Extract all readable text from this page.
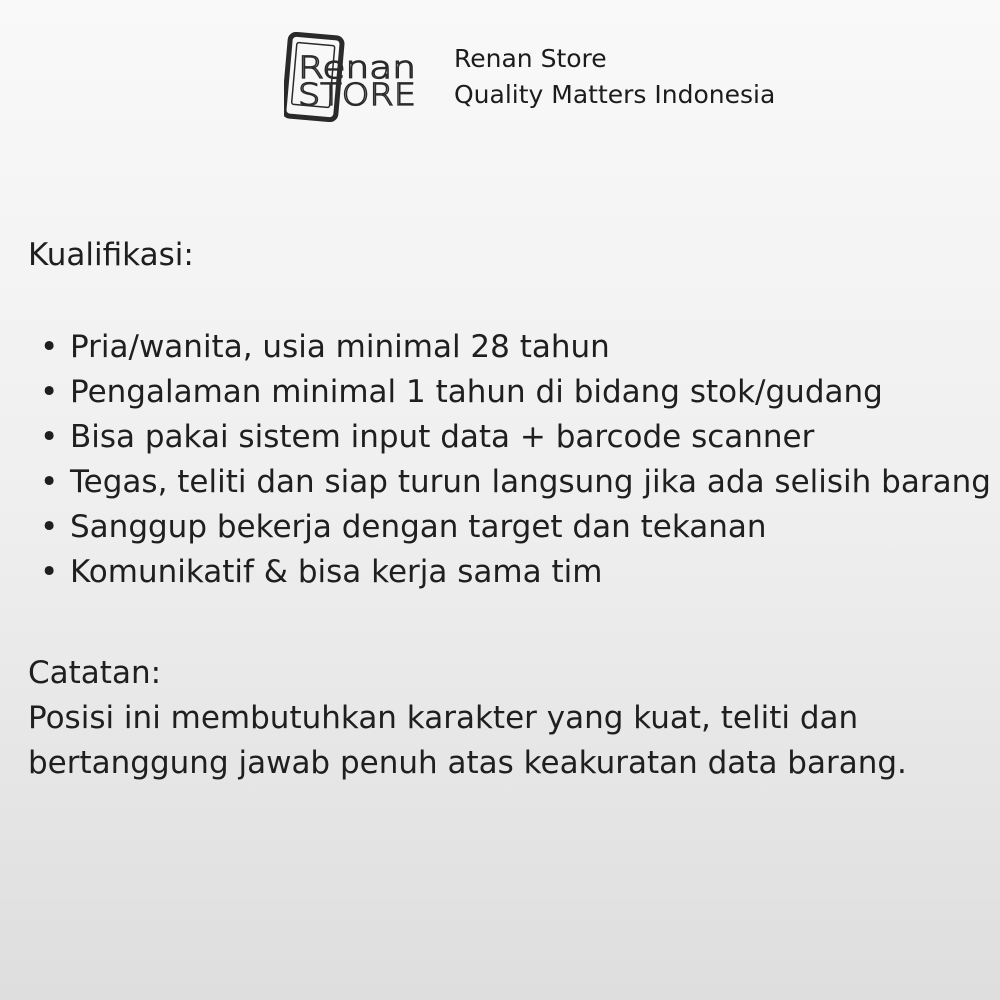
Renan
STORE
Renan Store
Quality Matters Indonesia
Kualifikasi:
• Pria/wanita, usia minimal 28 tahun
• Pengalaman minimal 1 tahun di bidang stok/gudang
• Bisa pakai sistem input data + barcode scanner
• Tegas, teliti dan siap turun langsung jika ada selisih barang
• Sanggup bekerja dengan target dan tekanan
• Komunikatif & bisa kerja sama tim
Catatan:
Posisi ini membutuhkan karakter yang kuat, teliti dan
bertanggung jawab penuh atas keakuratan data barang.
